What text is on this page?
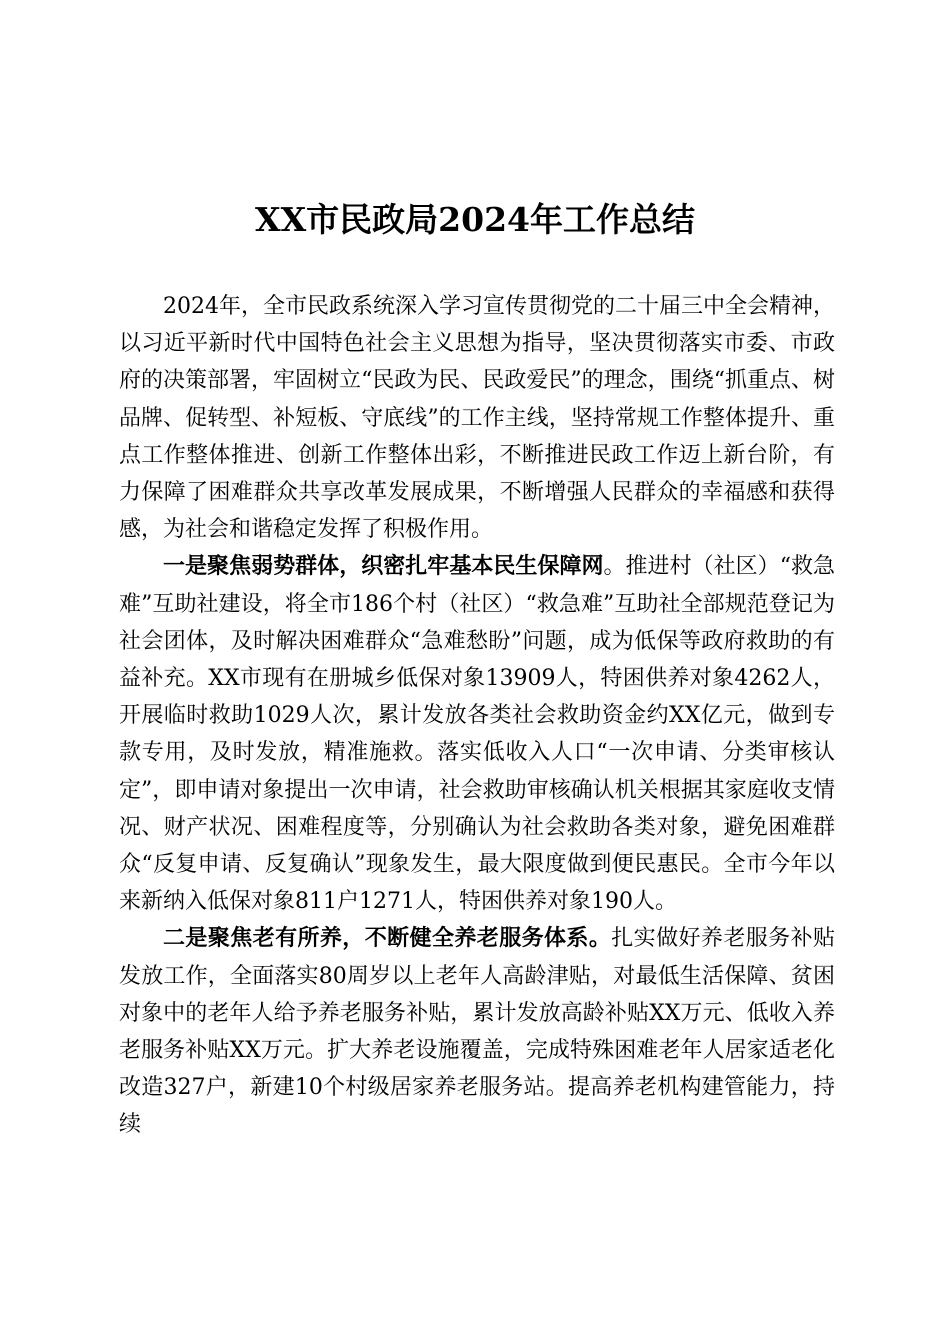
XX市民政局2024年工作总结

2024年，全市民政系统深入学习宣传贯彻党的二十届三中全会精神，以习近平新时代中国特色社会主义思想为指导，坚决贯彻落实市委、市政府的决策部署，牢固树立“民政为民、民政爱民”的理念，围绕“抓重点、树品牌、促转型、补短板、守底线”的工作主线，坚持常规工作整体提升、重点工作整体推进、创新工作整体出彩，不断推进民政工作迈上新台阶，有力保障了困难群众共享改革发展成果，不断增强人民群众的幸福感和获得感，为社会和谐稳定发挥了积极作用。

一是聚焦弱势群体，织密扎牢基本民生保障网。推进村（社区）“救急难”互助社建设，将全市186个村（社区）“救急难”互助社全部规范登记为社会团体，及时解决困难群众“急难愁盼”问题，成为低保等政府救助的有益补充。XX市现有在册城乡低保对象13909人，特困供养对象4262人，开展临时救助1029人次，累计发放各类社会救助资金约XX亿元，做到专款专用，及时发放，精准施救。落实低收入人口“一次申请、分类审核认定”，即申请对象提出一次申请，社会救助审核确认机关根据其家庭收支情况、财产状况、困难程度等，分别确认为社会救助各类对象，避免困难群众“反复申请、反复确认”现象发生，最大限度做到便民惠民。全市今年以来新纳入低保对象811户1271人，特困供养对象190人。

二是聚焦老有所养，不断健全养老服务体系。扎实做好养老服务补贴发放工作，全面落实80周岁以上老年人高龄津贴，对最低生活保障、贫困对象中的老年人给予养老服务补贴，累计发放高龄补贴XX万元、低收入养老服务补贴XX万元。扩大养老设施覆盖，完成特殊困难老年人居家适老化改造327户，新建10个村级居家养老服务站。提高养老机构建管能力，持续
